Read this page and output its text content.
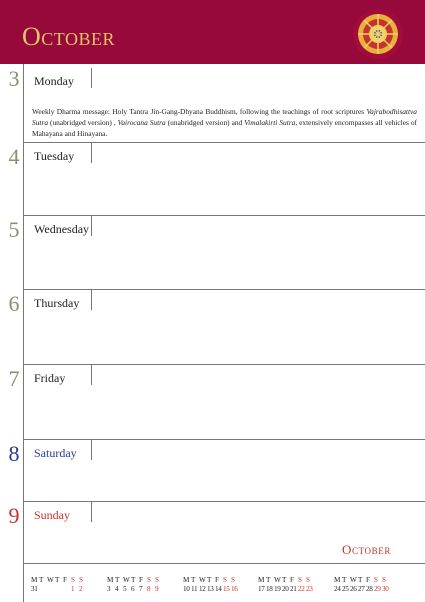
October
3 Monday
Weekly Dharma message: Holy Tantra Jin-Gang-Dhyana Buddhism, following the teachings of root scriptures Vajrabodhisattva Sutra (unabridged version) , Vairocana Sutra (unabridged version) and Vimalakirti Sutra, extensively encompasses all vehicles of Mahayana and Hinayana.
4 Tuesday
5 Wednesday
6 Thursday
7 Friday
8 Saturday
9 Sunday
October
M T W T F S S
31	1 2
M T W T F S S
3 4 5 6 7 8 9
M T W T F S S
10 11 12 13 14 15 16
M T W T F S S
17 18 19 20 21 22 23
M T W T F S S
24 25 26 27 28 29 30
